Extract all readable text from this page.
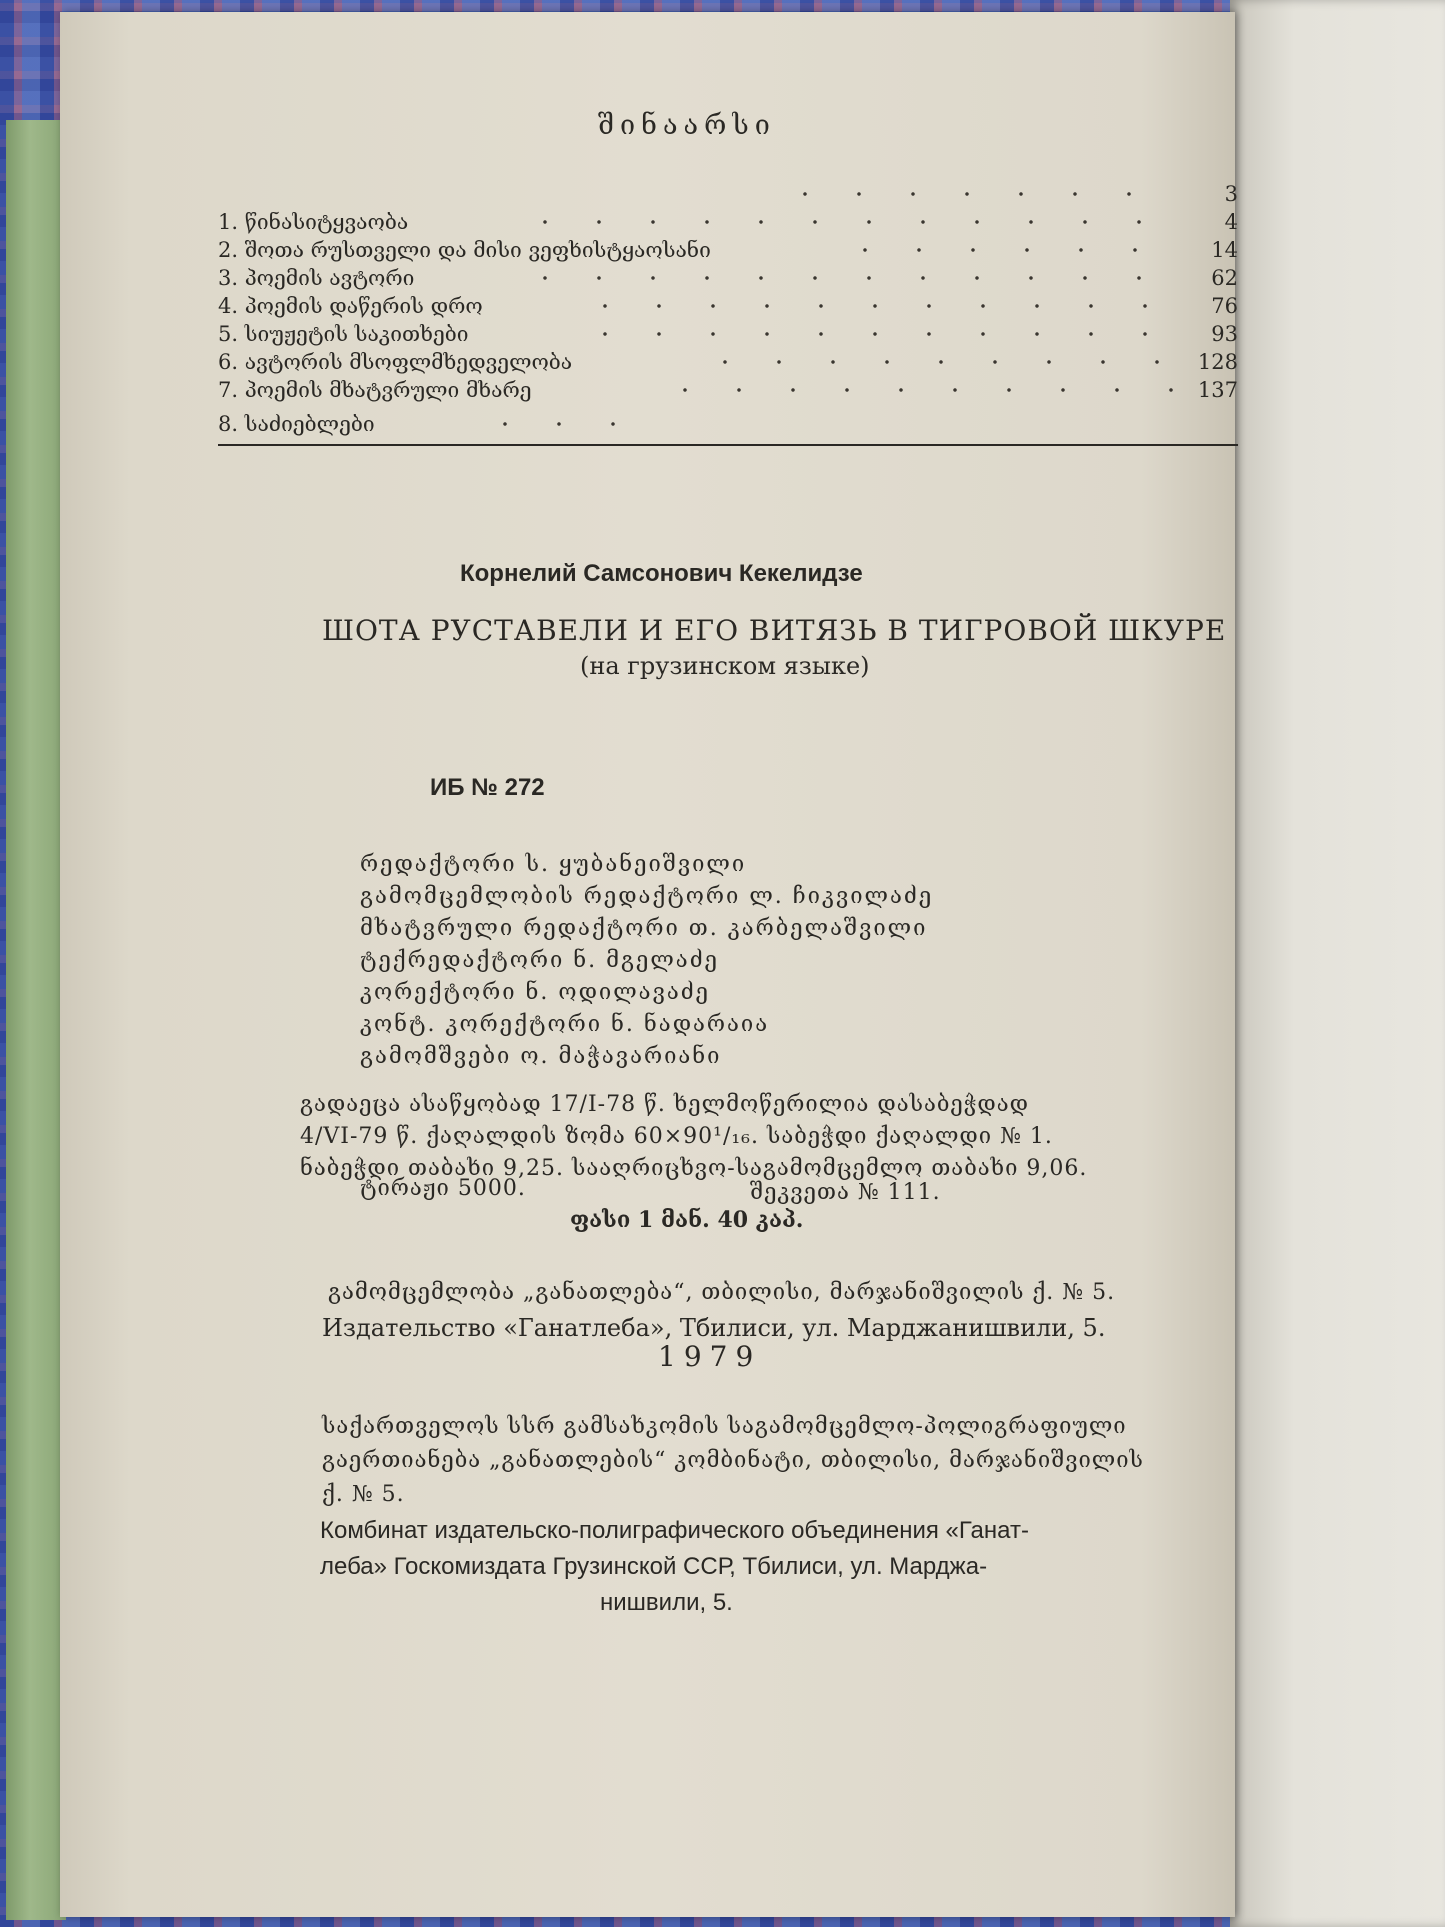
შინაარსი
3
1. წინასიტყვაობა	4
2. შოთა რუსთველი და მისი ვეფხისტყაოსანი	14
3. პოემის ავტორი	62
4. პოემის დაწერის დრო	76
5. სიუჟეტის საკითხები	93
6. ავტორის მსოფლმხედველობა	128
7. პოემის მხატვრული მხარე	137
8. საძიებლები
Корнелий Самсонович Кекелидзе
ШОТА РУСТАВЕЛИ И ЕГО ВИТЯЗЬ В ТИГРОВОЙ ШКУРЕ
(на грузинском языке)
ИБ № 272
რედაქტორი ს. ყუბანეიშვილი
გამომცემლობის რედაქტორი ლ. ჩიკვილაძე
მხატვრული რედაქტორი თ. კარბელაშვილი
ტექრედაქტორი ნ. მგელაძე
კორექტორი ნ. ოდილავაძე
კონტ. კორექტორი ნ. ნადარაია
გამომშვები ო. მაჭავარიანი
გადაეცა ასაწყობად 17/I-78 წ. ხელმოწერილია დასაბეჭდად
4/VI-79 წ. ქაღალდის ზომა 60×90¹/₁₆. საბეჭდი ქაღალდი № 1.
ნაბეჭდი თაბახი 9,25. სააღრიცხვო-საგამომცემლო თაბახი 9,06.
ტირაჟი 5000.	შეკვეთა № 111.
ფასი 1 მან. 40 კაპ.
გამომცემლობა „განათლება“, თბილისი, მარჯანიშვილის ქ. № 5.
Издательство «Ганатлеба», Тбилиси, ул. Марджанишвили, 5.
1979
საქართველოს სსრ გამსახკომის საგამომცემლო-პოლიგრაფიული
გაერთიანება „განათლების“ კომბინატი, თბილისი, მარჯანიშვილის
ქ. № 5.
Комбинат издательско-полиграфического объединения «Ганат-
леба» Госкомиздата Грузинской ССР, Тбилиси, ул. Марджа-
нишвили, 5.
